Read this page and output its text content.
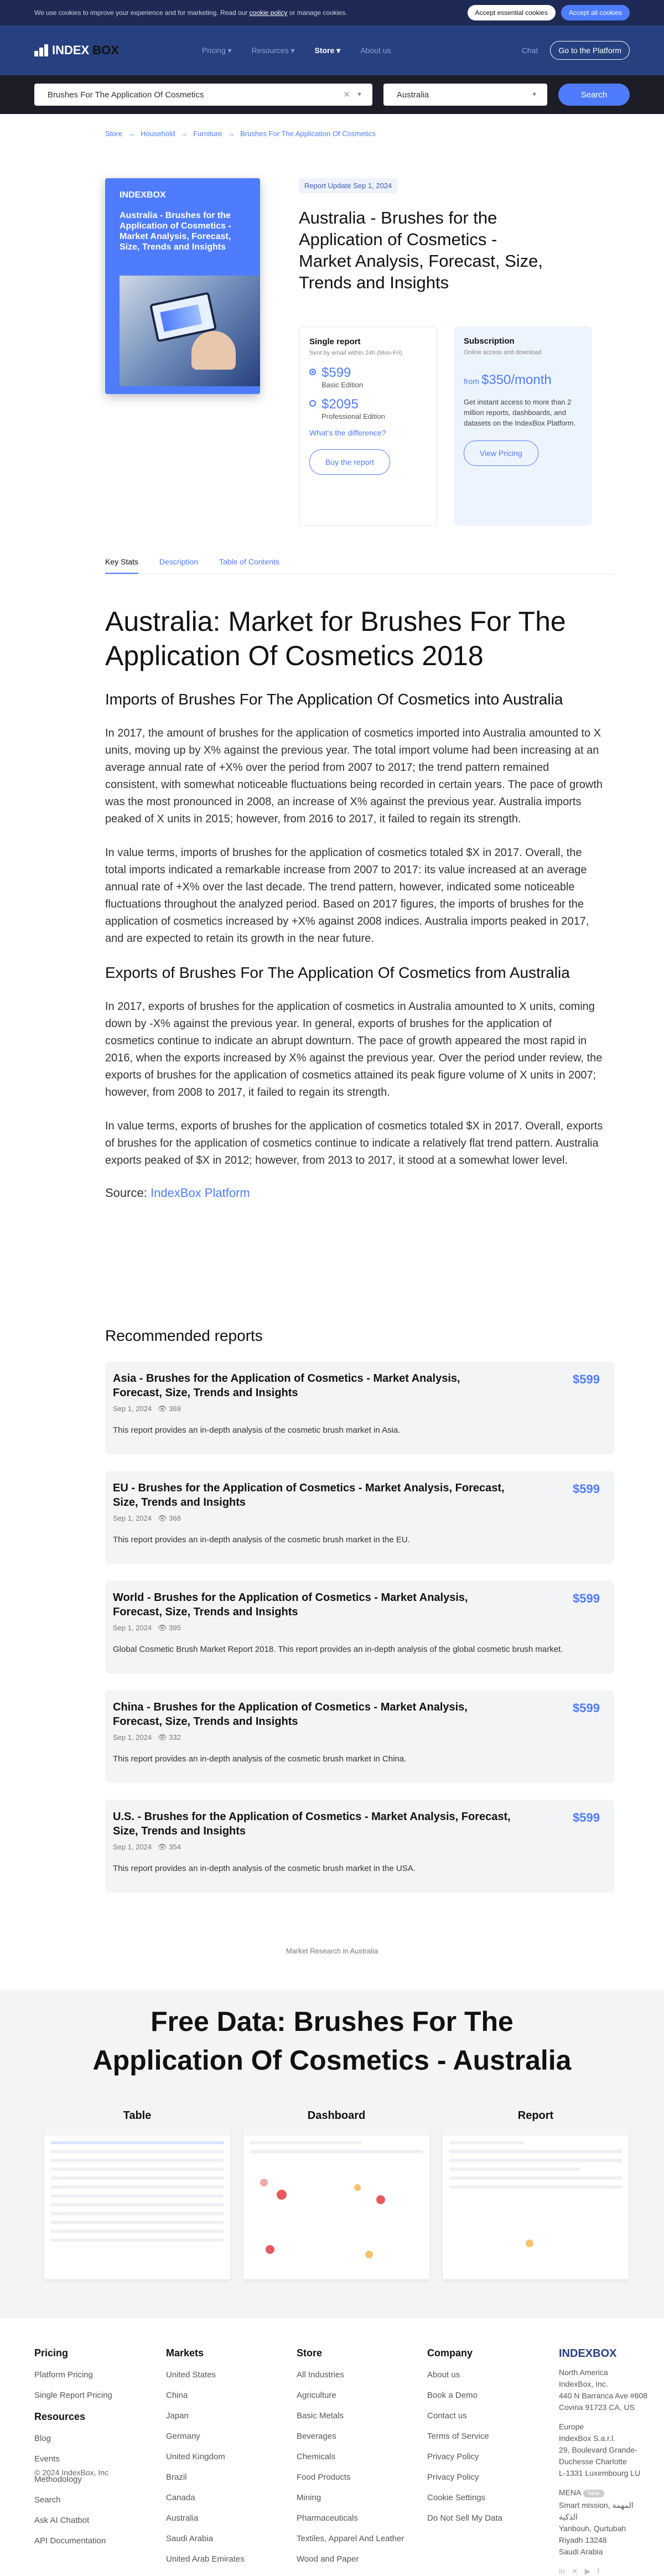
We use cookies to improve your experience and for marketing. Read our cookie policy or manage cookies.	Accept essential cookies	Accept all cookies
INDEX BOX	Pricing ▾	Resources ▾	Store ▾	About us	Chat	Go to the Platform
Brushes For The Application Of Cosmetics	✕ ▼	Australia	▼	Search
Store → Household → Furniture → Brushes For The Application Of Cosmetics
INDEXBOX
Australia - Brushes for the Application of Cosmetics - Market Analysis, Forecast, Size, Trends and Insights
Report Update Sep 1, 2024
Australia - Brushes for the Application of Cosmetics - Market Analysis, Forecast, Size, Trends and Insights
Single report
Sent by email within 24h (Mon-Fri)
$599
Basic Edition
$2095
Professional Edition
What's the difference?
Buy the report
Subscription
Online access and download
from $350/month
Get instant access to more than 2 million reports, dashboards, and datasets on the IndexBox Platform.
View Pricing
Key Stats	Description	Table of Contents
Australia: Market for Brushes For The Application Of Cosmetics 2018
Imports of Brushes For The Application Of Cosmetics into Australia

In 2017, the amount of brushes for the application of cosmetics imported into Australia amounted to X units, moving up by X% against the previous year. The total import volume had been increasing at an average annual rate of +X% over the period from 2007 to 2017; the trend pattern remained consistent, with somewhat noticeable fluctuations being recorded in certain years. The pace of growth was the most pronounced in 2008, an increase of X% against the previous year. Australia imports peaked of X units in 2015; however, from 2016 to 2017, it failed to regain its strength.

In value terms, imports of brushes for the application of cosmetics totaled $X in 2017. Overall, the total imports indicated a remarkable increase from 2007 to 2017: its value increased at an average annual rate of +X% over the last decade. The trend pattern, however, indicated some noticeable fluctuations throughout the analyzed period. Based on 2017 figures, the imports of brushes for the application of cosmetics increased by +X% against 2008 indices. Australia imports peaked in 2017, and are expected to retain its growth in the near future.

Exports of Brushes For The Application Of Cosmetics from Australia

In 2017, exports of brushes for the application of cosmetics in Australia amounted to X units, coming down by -X% against the previous year. In general, exports of brushes for the application of cosmetics continue to indicate an abrupt downturn. The pace of growth appeared the most rapid in 2016, when the exports increased by X% against the previous year. Over the period under review, the exports of brushes for the application of cosmetics attained its peak figure volume of X units in 2007; however, from 2008 to 2017, it failed to regain its strength.

In value terms, exports of brushes for the application of cosmetics totaled $X in 2017. Overall, exports of brushes for the application of cosmetics continue to indicate a relatively flat trend pattern. Australia exports peaked of $X in 2012; however, from 2013 to 2017, it stood at a somewhat lower level.

Source: IndexBox Platform
Recommended reports
Asia - Brushes for the Application of Cosmetics - Market Analysis, Forecast, Size, Trends and Insights
$599
Sep 1, 2024 👁 369
This report provides an in-depth analysis of the cosmetic brush market in Asia.
EU - Brushes for the Application of Cosmetics - Market Analysis, Forecast, Size, Trends and Insights
$599
Sep 1, 2024 👁 368
This report provides an in-depth analysis of the cosmetic brush market in the EU.
World - Brushes for the Application of Cosmetics - Market Analysis, Forecast, Size, Trends and Insights
$599
Sep 1, 2024 👁 395
Global Cosmetic Brush Market Report 2018. This report provides an in-depth analysis of the global cosmetic brush market.
China - Brushes for the Application of Cosmetics - Market Analysis, Forecast, Size, Trends and Insights
$599
Sep 1, 2024 👁 332
This report provides an in-depth analysis of the cosmetic brush market in China.
U.S. - Brushes for the Application of Cosmetics - Market Analysis, Forecast, Size, Trends and Insights
$599
Sep 1, 2024 👁 354
This report provides an in-depth analysis of the cosmetic brush market in the USA.
Market Research in Australia
Free Data: Brushes For The Application Of Cosmetics - Australia
Table	Dashboard	Report
Pricing
Platform Pricing
Single Report Pricing
Resources
Blog
Events
Methodology
Search
Ask AI Chatbot
API Documentation
Markets
United States
China
Japan
Germany
United Kingdom
Brazil
Canada
Australia
Saudi Arabia
United Arab Emirates
Store
All Industries
Agriculture
Basic Metals
Beverages
Chemicals
Food Products
Mining
Pharmaceuticals
Textiles, Apparel And Leather
Wood and Paper
Company
About us
Book a Demo
Contact us
Terms of Service
Privacy Policy
Privacy Policy
Cookie Settings
Do Not Sell My Data
INDEXBOX
North America
IndexBox, Inc.
440 N Barranca Ave #608
Covina 91723 CA, US
Europe
IndexBox S.a.r.l.
29, Boulevard Grande-Duchesse Charlotte
L-1331 Luxembourg LU
MENA New
Smart mission, المهمة الذكية
Yanbouh, Qurtubah
Riyadh 13248
Saudi Arabia
in ✕ ▶ f
© 2024 IndexBox, Inc
